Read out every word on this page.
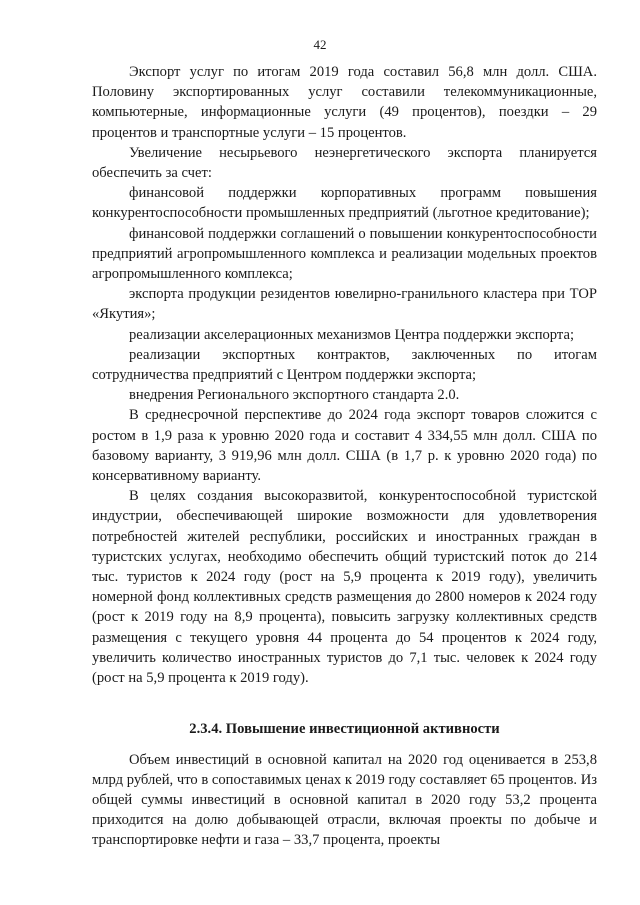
42

Экспорт услуг по итогам 2019 года составил 56,8 млн долл. США. Половину экспортированных услуг составили телекоммуникационные, компьютерные, информационные услуги (49 процентов), поездки – 29 процентов и транспортные услуги – 15 процентов.

Увеличение несырьевого неэнергетического экспорта планируется обеспечить за счет:

финансовой поддержки корпоративных программ повышения конкурентоспособности промышленных предприятий (льготное кредитование);

финансовой поддержки соглашений о повышении конкурентоспособности предприятий агропромышленного комплекса и реализации модельных проектов агропромышленного комплекса;

экспорта продукции резидентов ювелирно-гранильного кластера при ТОР «Якутия»;

реализации акселерационных механизмов Центра поддержки экспорта;

реализации экспортных контрактов, заключенных по итогам сотрудничества предприятий с Центром поддержки экспорта;

внедрения Регионального экспортного стандарта 2.0.

В среднесрочной перспективе до 2024 года экспорт товаров сложится с ростом в 1,9 раза к уровню 2020 года и составит 4 334,55 млн долл. США по базовому варианту, 3 919,96 млн долл. США (в 1,7 р. к уровню 2020 года) по консервативному варианту.

В целях создания высокоразвитой, конкурентоспособной туристской индустрии, обеспечивающей широкие возможности для удовлетворения потребностей жителей республики, российских и иностранных граждан в туристских услугах, необходимо обеспечить общий туристский поток до 214 тыс. туристов к 2024 году (рост на 5,9 процента к 2019 году), увеличить номерной фонд коллективных средств размещения до 2800 номеров к 2024 году (рост к 2019 году на 8,9 процента), повысить загрузку коллективных средств размещения с текущего уровня 44 процента до 54 процентов к 2024 году, увеличить количество иностранных туристов до 7,1 тыс. человек к 2024 году (рост на 5,9 процента к 2019 году).

2.3.4. Повышение инвестиционной активности

Объем инвестиций в основной капитал на 2020 год оценивается в 253,8 млрд рублей, что в сопоставимых ценах к 2019 году составляет 65 процентов. Из общей суммы инвестиций в основной капитал в 2020 году 53,2 процента приходится на долю добывающей отрасли, включая проекты по добыче и транспортировке нефти и газа – 33,7 процента, проекты
